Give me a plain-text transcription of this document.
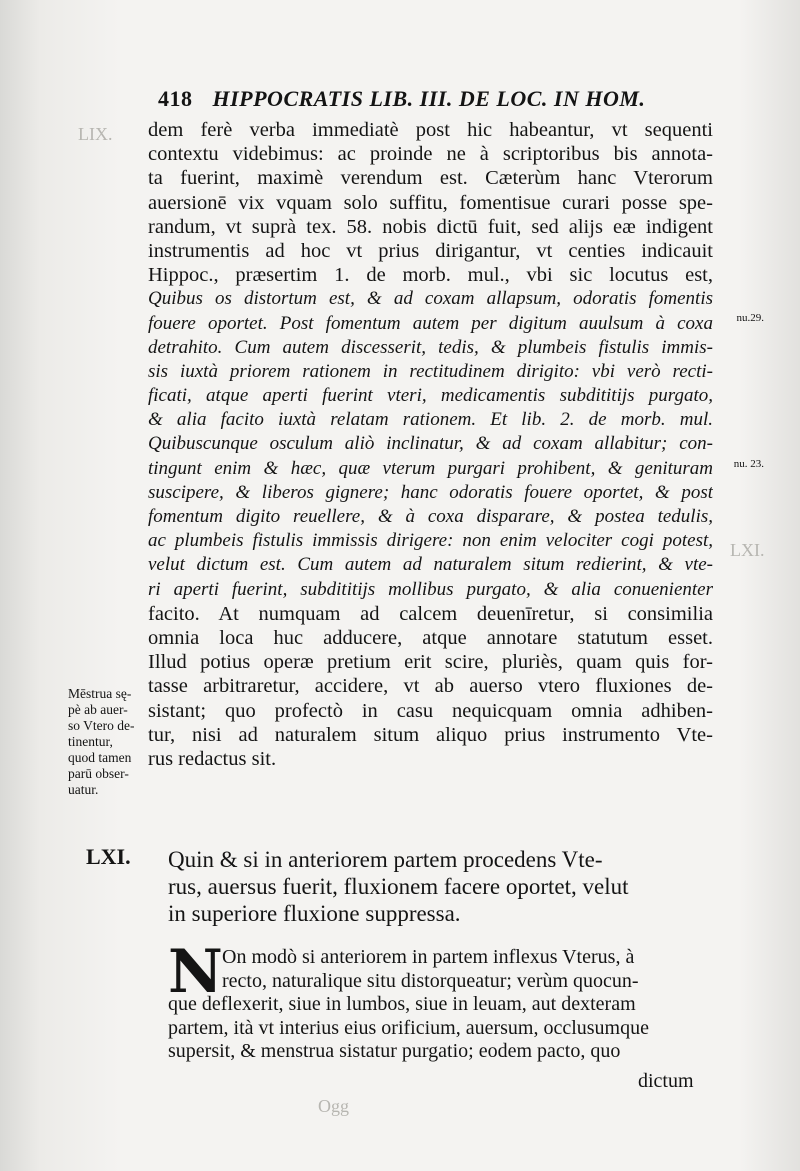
418 HIPPOCRATIS LIB. III. DE LOC. IN HOM.
LIX.
LXI.
Ogg
dem ferè verba immediatè post hic habeantur, vt sequenti
contextu videbimus: ac proinde ne à scriptoribus bis annota-
ta fuerint, maximè verendum est. Cæterùm hanc Vterorum
auersionē vix vquam solo suffitu, fomentisue curari posse spe-
randum, vt suprà tex. 58. nobis dictū fuit, sed alijs eæ indigent
instrumentis ad hoc vt prius dirigantur, vt centies indicauit
Hippoc., præsertim 1. de morb. mul., vbi sic locutus est,
Quibus os distortum est, & ad coxam allapsum, odoratis fomentis
fouere oportet. Post fomentum autem per digitum auulsum à coxa
detrahito. Cum autem discesserit, tedis, & plumbeis fistulis immis-
sis iuxtà priorem rationem in rectitudinem dirigito: vbi verò recti-
ficati, atque aperti fuerint vteri, medicamentis subdititijs purgato,
& alia facito iuxtà relatam rationem. Et lib. 2. de morb. mul.
Quibuscunque osculum aliò inclinatur, & ad coxam allabitur; con-
tingunt enim & hæc, quæ vterum purgari prohibent, & genituram
suscipere, & liberos gignere; hanc odoratis fouere oportet, & post
fomentum digito reuellere, & à coxa disparare, & postea tedulis,
ac plumbeis fistulis immissis dirigere: non enim velociter cogi potest,
velut dictum est. Cum autem ad naturalem situm redierint, & vte-
ri aperti fuerint, subdititijs mollibus purgato, & alia conuenienter
facito. At numquam ad calcem deuenīretur, si consimilia
omnia loca huc adducere, atque annotare statutum esset.
Illud potius operæ pretium erit scire, pluriès, quam quis for-
tasse arbitraretur, accidere, vt ab auerso vtero fluxiones de-
sistant; quo profectò in casu nequicquam omnia adhiben-
tur, nisi ad naturalem situm aliquo prius instrumento Vte-
rus redactus sit.
nu.29.
nu. 23.
Mēstrua sę-
pè ab auer-
so Vtero de-
tinentur,
quod tamen
parū obser-
uatur.
LXI. Quin & si in anteriorem partem procedens Vte-
rus, auersus fuerit, fluxionem facere oportet, velut
in superiore fluxione suppressa.
N On modò si anteriorem in partem inflexus Vterus, à
recto, naturalique situ distorqueatur; verùm quocun-
que deflexerit, siue in lumbos, siue in leuam, aut dexteram
partem, ità vt interius eius orificium, auersum, occlusumque
supersit, & menstrua sistatur purgatio; eodem pacto, quo
dictum
